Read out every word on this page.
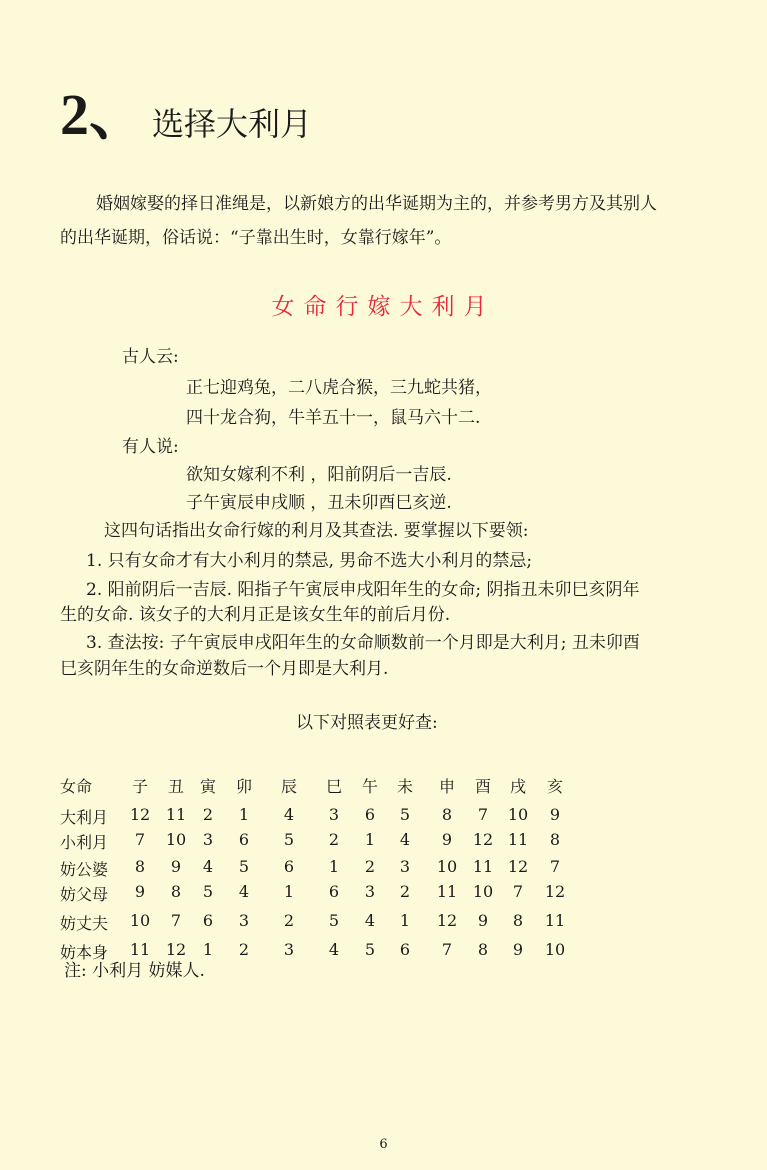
2、 选择大利月
婚姻嫁娶的择日准绳是，以新娘方的出华诞期为主的，并参考男方及其别人
的出华诞期，俗话说：“子靠出生时，女靠行嫁年”。
女命行嫁大利月
古人云:
正七迎鸡兔，二八虎合猴，三九蛇共猪，
四十龙合狗，牛羊五十一，鼠马六十二.
有人说:
欲知女嫁利不利 ，阳前阴后一吉辰.
子午寅辰申戌顺 ，丑未卯酉巳亥逆.
这四句话指出女命行嫁的利月及其查法. 要掌握以下要领:
1. 只有女命才有大小利月的禁忌, 男命不选大小利月的禁忌;
2. 阳前阴后一吉辰. 阳指子午寅辰申戌阳年生的女命; 阴指丑未卯巳亥阴年
生的女命. 该女子的大利月正是该女生年的前后月份.
3. 查法按: 子午寅辰申戌阳年生的女命顺数前一个月即是大利月; 丑未卯酉
巳亥阴年生的女命逆数后一个月即是大利月.
以下对照表更好查:
女命	子	丑 寅	卯	辰	巳	午	未	申	酉	戌	亥
大利月 12 11	2	1	4	3	6	5	8	7	10	9
小利月	7	10	3	6	5	2	1	4	9	12 11	8
妨公婆	8	9	4	5	6	1	2	3	10 11 12	7
妨父母	9	8	5	4	1	6	3	2	11 10	7	12
妨丈夫 10	7	6	3	2	5	4	1	12	9	8	11
妨本身 11 12	1	2	3	4	5	6	7	8	9	10
注: 小利月 妨媒人.
6
